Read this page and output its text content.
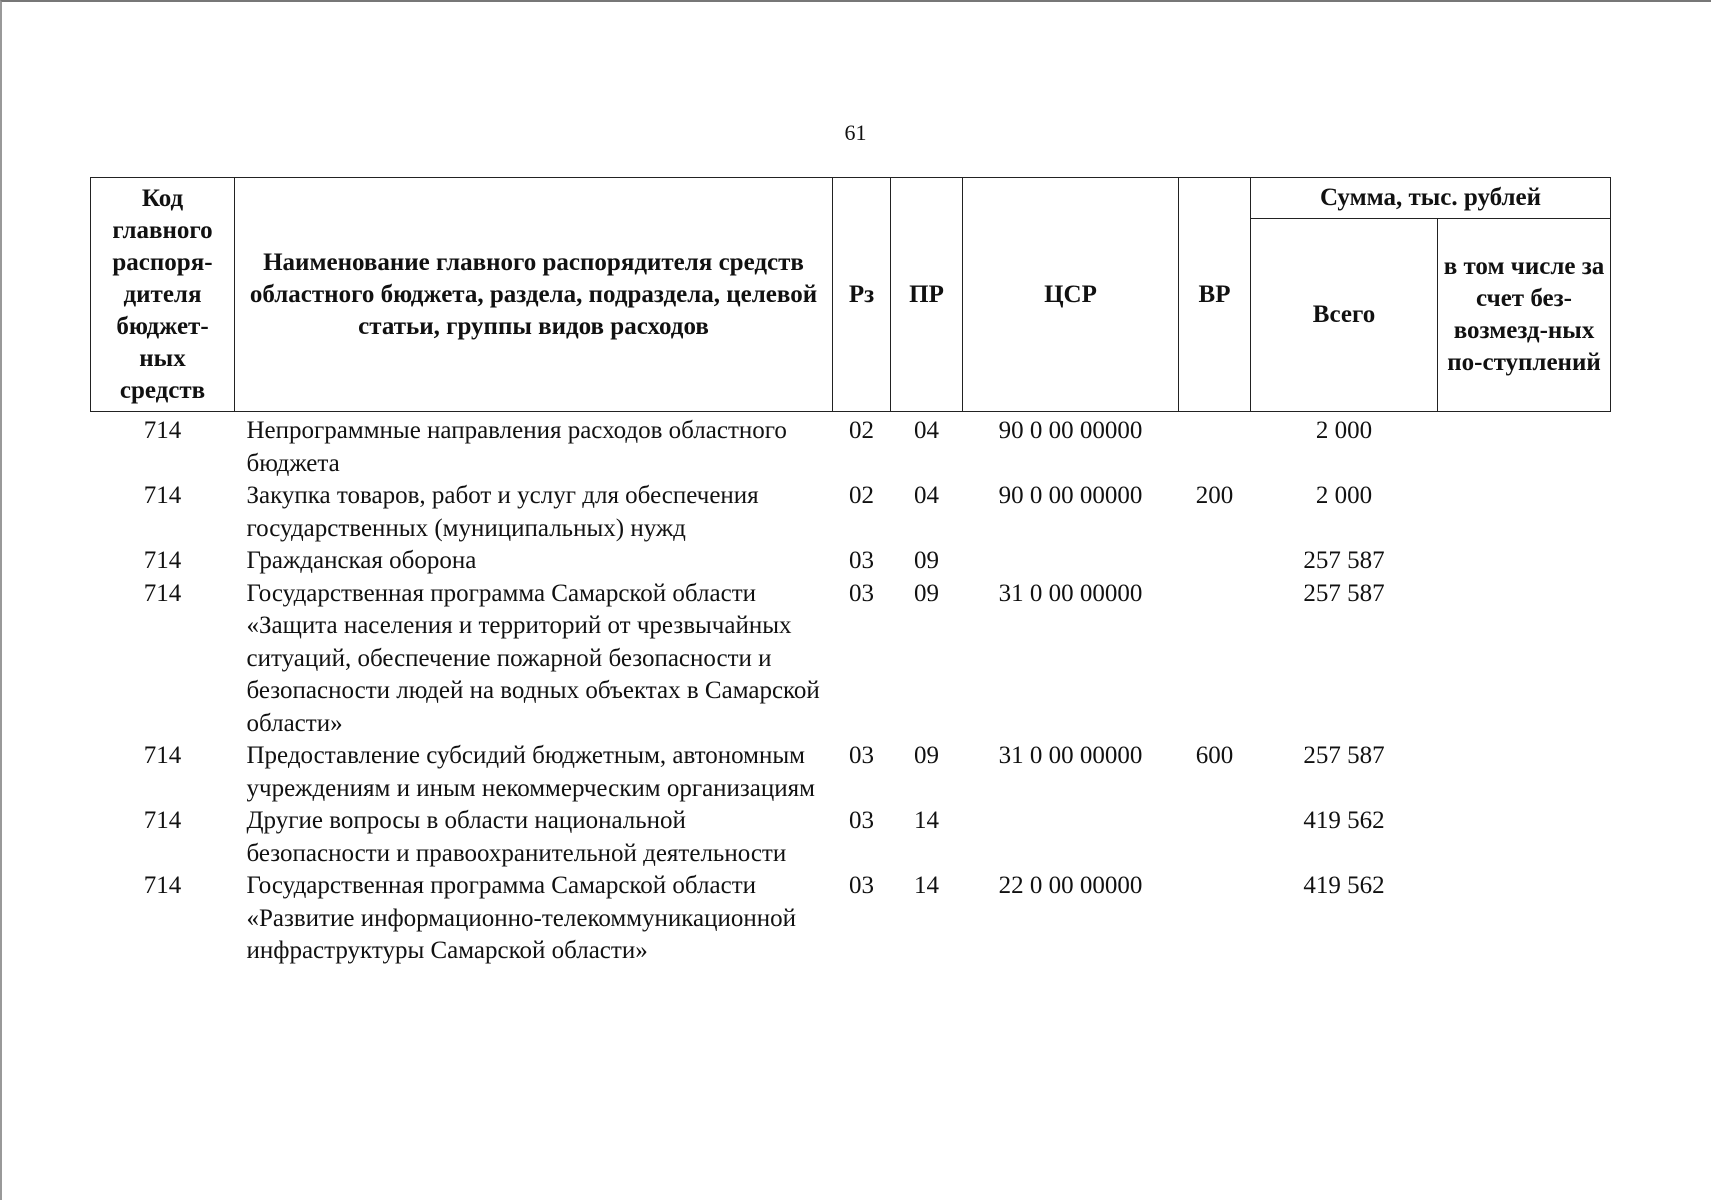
61
Код главного распоря-дителя бюджет-ных средств	Наименование главного распорядителя средств областного бюджета, раздела, подраздела, целевой статьи, группы видов расходов	Рз	ПР	ЦСР	ВР	Сумма, тыс. рублей	
						Всего	в том числе за счет без-возмезд-ных по-ступлений
714	Непрограммные направления расходов областного бюджета	02	04	90 0 00 00000		2 000	
714	Закупка товаров, работ и услуг для обеспечения государственных (муниципальных) нужд	02	04	90 0 00 00000	200	2 000	
714	Гражданская оборона	03	09			257 587	
714	Государственная программа Самарской области «Защита населения и территорий от чрезвычайных ситуаций, обеспечение пожарной безопасности и безопасности людей на водных объектах в Самарской области»	03	09	31 0 00 00000		257 587	
714	Предоставление субсидий бюджетным, автономным учреждениям и иным некоммерческим организациям	03	09	31 0 00 00000	600	257 587	
714	Другие вопросы в области национальной безопасности и правоохранительной деятельности	03	14			419 562	
714	Государственная программа Самарской области «Развитие информационно-телекоммуникационной инфраструктуры Самарской области»	03	14	22 0 00 00000		419 562	
